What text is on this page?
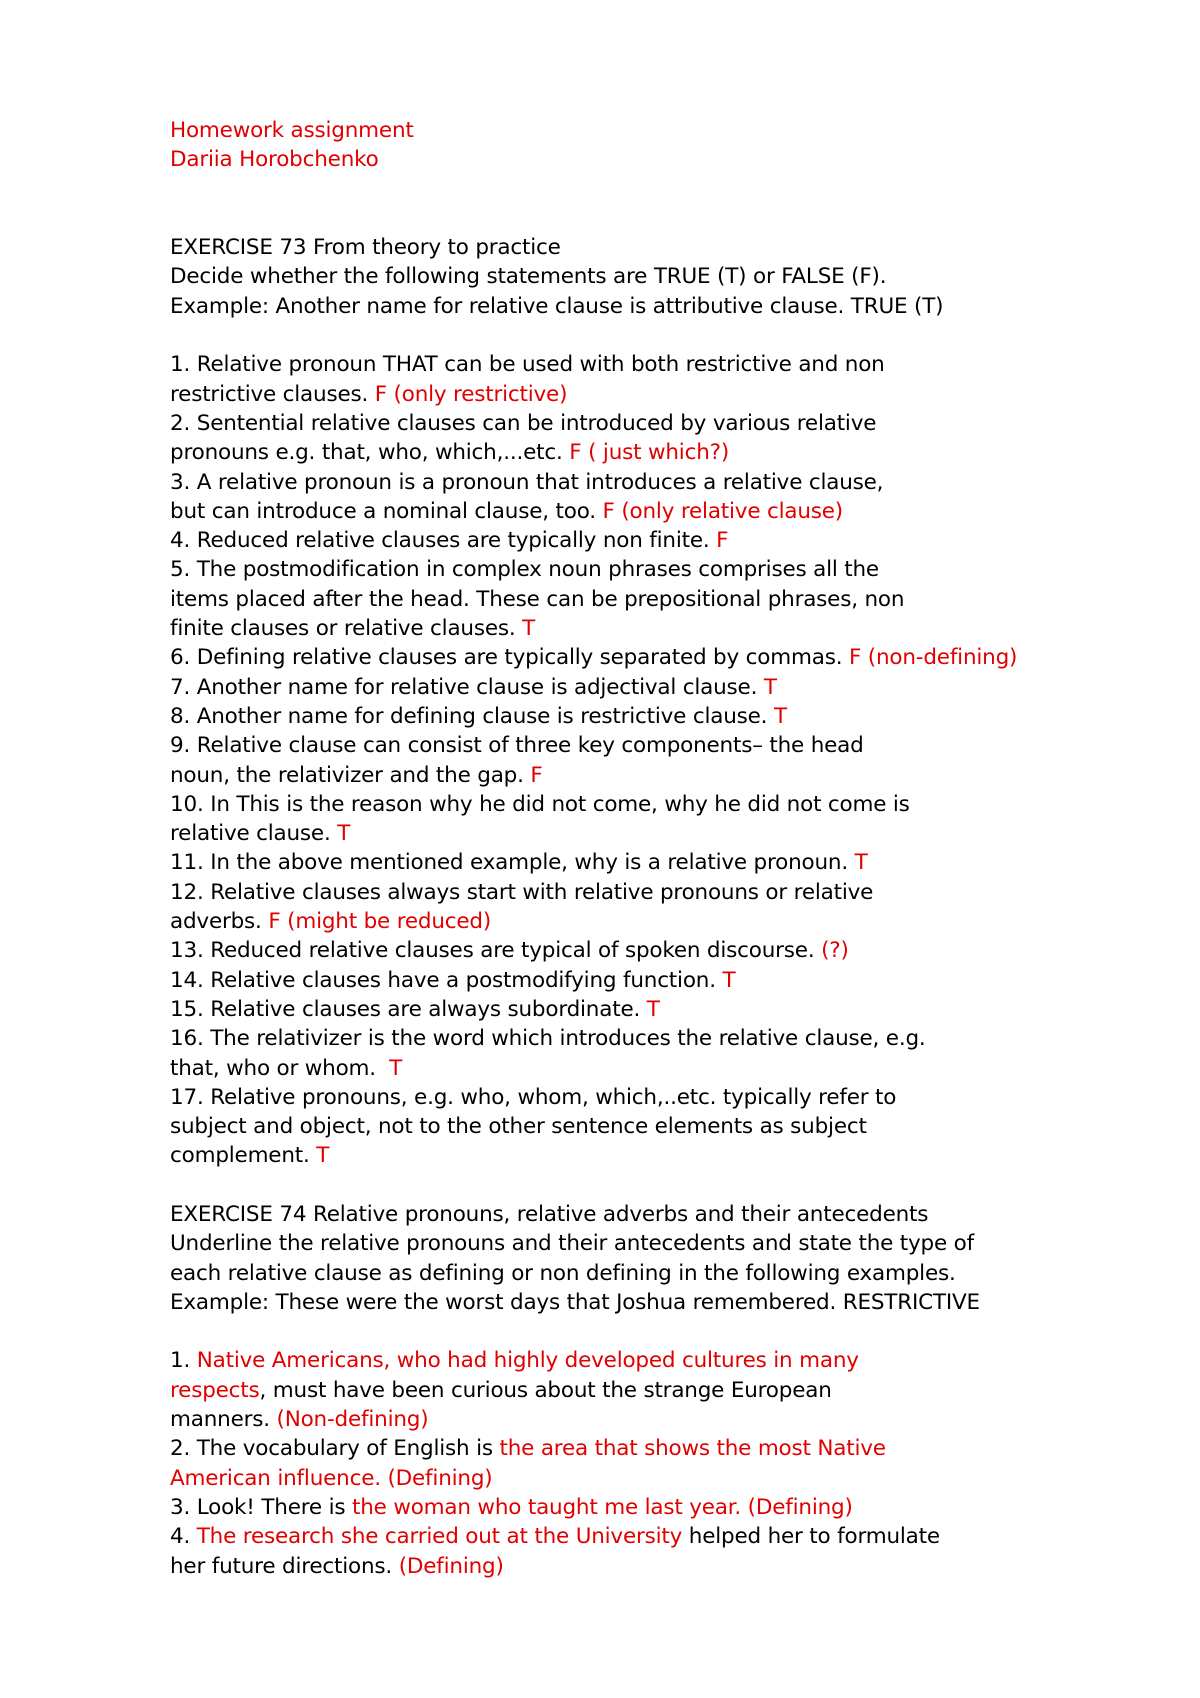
Homework assignment
Dariia Horobchenko
EXERCISE 73 From theory to practice
Decide whether the following statements are TRUE (T) or FALSE (F).
Example: Another name for relative clause is attributive clause. TRUE (T)
1. Relative pronoun THAT can be used with both restrictive and non
restrictive clauses. F (only restrictive)
2. Sentential relative clauses can be introduced by various relative
pronouns e.g. that, who, which,...etc. F ( just which?)
3. A relative pronoun is a pronoun that introduces a relative clause,
but can introduce a nominal clause, too. F (only relative clause)
4. Reduced relative clauses are typically non finite. F
5. The postmodification in complex noun phrases comprises all the
items placed after the head. These can be prepositional phrases, non
finite clauses or relative clauses. T
6. Defining relative clauses are typically separated by commas. F (non-defining)
7. Another name for relative clause is adjectival clause. T
8. Another name for defining clause is restrictive clause. T
9. Relative clause can consist of three key components– the head
noun, the relativizer and the gap. F
10. In This is the reason why he did not come, why he did not come is
relative clause. T
11. In the above mentioned example, why is a relative pronoun. T
12. Relative clauses always start with relative pronouns or relative
adverbs. F (might be reduced)
13. Reduced relative clauses are typical of spoken discourse. (?)
14. Relative clauses have a postmodifying function. T
15. Relative clauses are always subordinate. T
16. The relativizer is the word which introduces the relative clause, e.g.
that, who or whom.  T
17. Relative pronouns, e.g. who, whom, which,..etc. typically refer to
subject and object, not to the other sentence elements as subject
complement. T
EXERCISE 74 Relative pronouns, relative adverbs and their antecedents
Underline the relative pronouns and their antecedents and state the type of
each relative clause as defining or non defining in the following examples.
Example: These were the worst days that Joshua remembered. RESTRICTIVE
1. Native Americans, who had highly developed cultures in many
respects, must have been curious about the strange European
manners. (Non-defining)
2. The vocabulary of English is the area that shows the most Native
American influence. (Defining)
3. Look! There is the woman who taught me last year. (Defining)
4. The research she carried out at the University helped her to formulate
her future directions. (Defining)
